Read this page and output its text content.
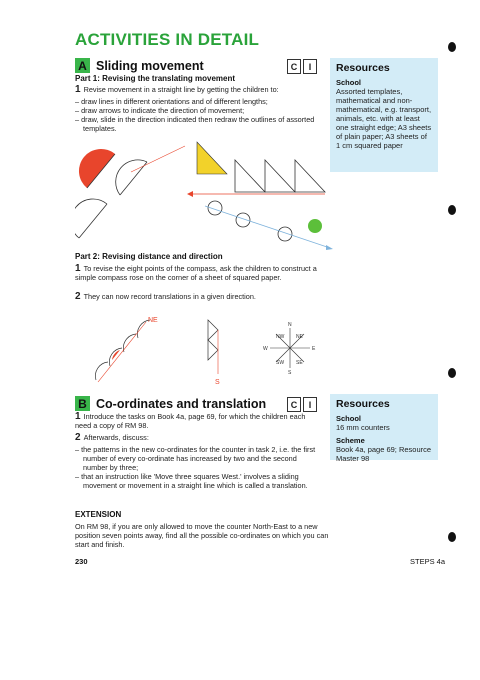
ACTIVITIES IN DETAIL
A Sliding movement	C	I	Resources
School
Assorted templates, mathematical and non-mathematical, e.g. transport, animals, etc. with at least one straight edge; A3 sheets of plain paper; A3 sheets of 1 cm squared paper
Part 1: Revising the translating movement
1 Revise movement in a straight line by getting the children to:
– draw lines in different orientations and of different lengths;
– draw arrows to indicate the direction of movement;
– draw, slide in the direction indicated then redraw the outlines of assorted templates.
Part 2: Revising distance and direction
1 To revise the eight points of the compass, ask the children to construct a simple compass rose on the corner of a sheet of squared paper.
2 They can now record translations in a given direction.
NE
S
N
NE
E
SE
S
SW
W
NW
B Co-ordinates and translation	C	I	Resources
School
16 mm counters
Scheme
Book 4a, page 69; Resource Master 98
1 Introduce the tasks on Book 4a, page 69, for which the children each need a copy of RM 98.
2 Afterwards, discuss:
– the patterns in the new co-ordinates for the counter in task 2, i.e. the first number of every co-ordinate has increased by two and the second number by three;
– that an instruction like 'Move three squares West.' involves a sliding movement or movement in a straight line which is called a translation.
EXTENSION
On RM 98, if you are only allowed to move the counter North-East to a new position seven points away, find all the possible co-ordinates on which you can start and finish.
230	STEPS 4a
